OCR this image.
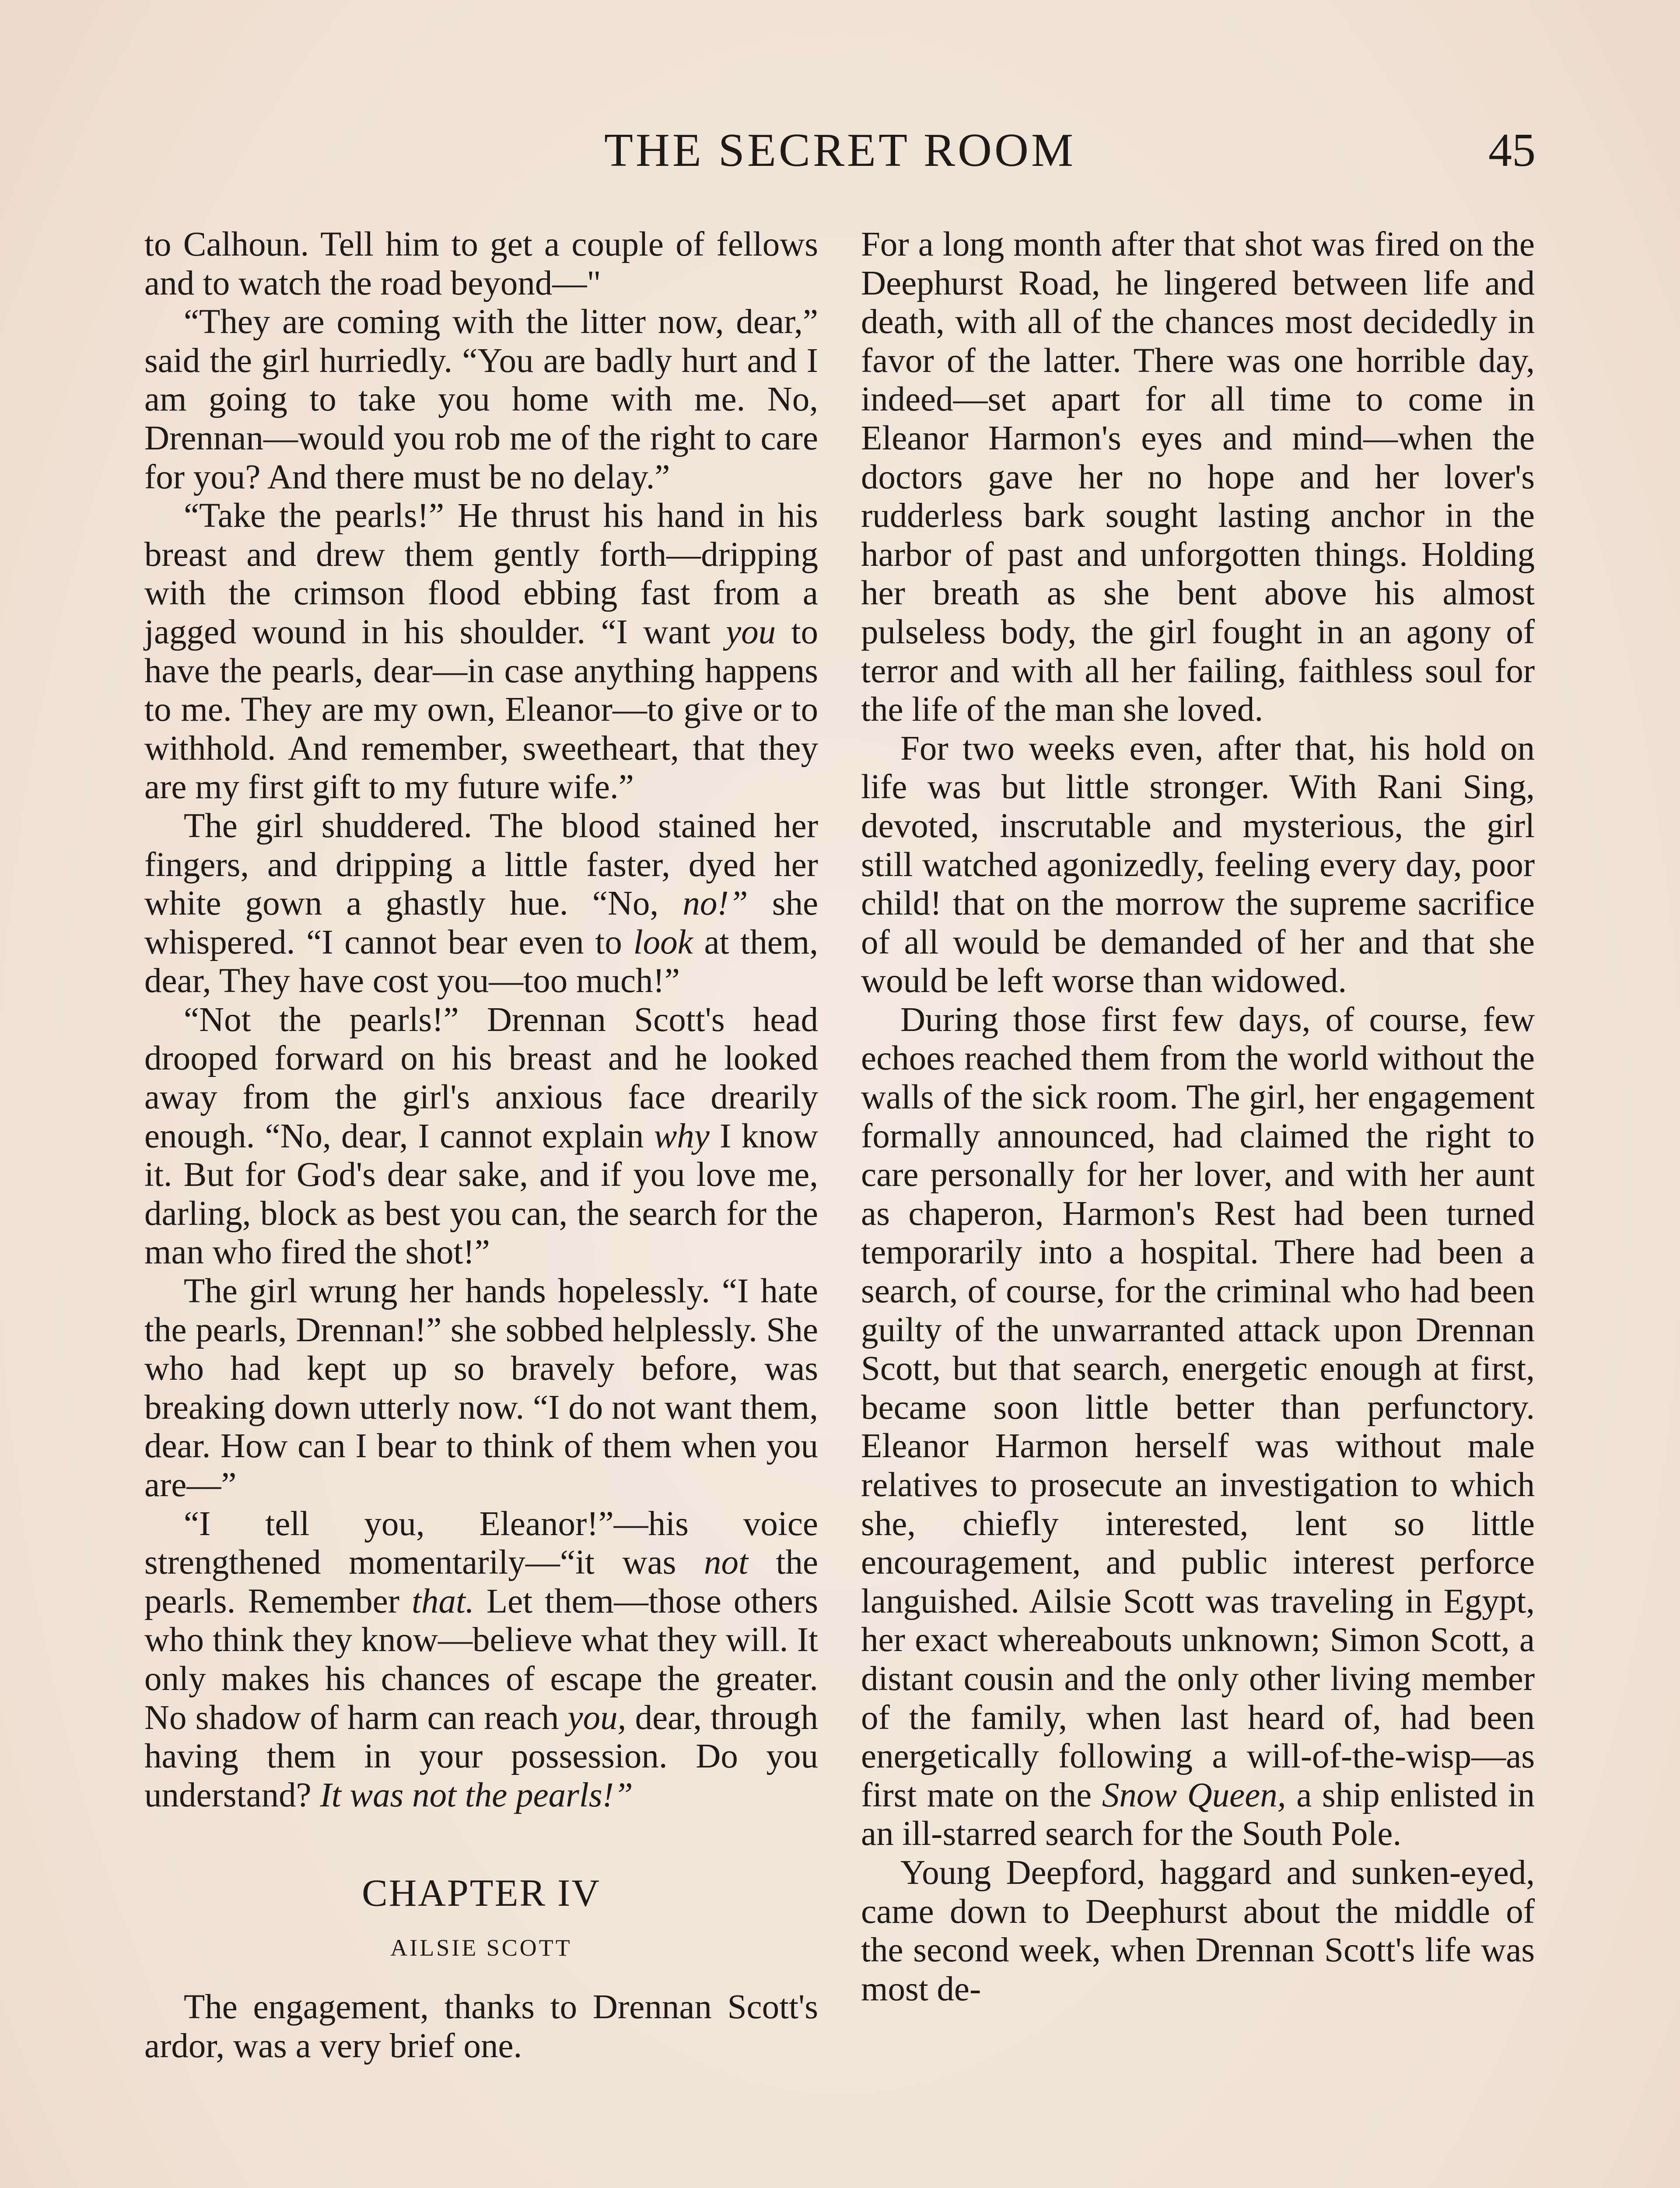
THE SECRET ROOM	45

to Calhoun. Tell him to get a couple of fellows and to watch the road beyond—"

“They are coming with the litter now, dear,” said the girl hurriedly. “You are badly hurt and I am going to take you home with me. No, Drennan—would you rob me of the right to care for you? And there must be no delay.”

“Take the pearls!” He thrust his hand in his breast and drew them gently forth—dripping with the crimson flood ebbing fast from a jagged wound in his shoulder. “I want you to have the pearls, dear—in case anything happens to me. They are my own, Eleanor—to give or to withhold. And remember, sweetheart, that they are my first gift to my future wife.”

The girl shuddered. The blood stained her fingers, and dripping a little faster, dyed her white gown a ghastly hue. “No, no!” she whispered. “I cannot bear even to look at them, dear, They have cost you—too much!”

“Not the pearls!” Drennan Scott's head drooped forward on his breast and he looked away from the girl's anxious face drearily enough. “No, dear, I cannot explain why I know it. But for God's dear sake, and if you love me, darling, block as best you can, the search for the man who fired the shot!”

The girl wrung her hands hopelessly. “I hate the pearls, Drennan!” she sobbed helplessly. She who had kept up so bravely before, was breaking down utterly now. “I do not want them, dear. How can I bear to think of them when you are—”

“I tell you, Eleanor!”—his voice strengthened momentarily—“it was not the pearls. Remember that. Let them—those others who think they know—believe what they will. It only makes his chances of escape the greater. No shadow of harm can reach you, dear, through having them in your possession. Do you understand? It was not the pearls!”

CHAPTER IV
AILSIE SCOTT

The engagement, thanks to Drennan Scott's ardor, was a very brief one.

For a long month after that shot was fired on the Deephurst Road, he lingered between life and death, with all of the chances most decidedly in favor of the latter. There was one horrible day, indeed—set apart for all time to come in Eleanor Harmon's eyes and mind—when the doctors gave her no hope and her lover's rudderless bark sought lasting anchor in the harbor of past and unforgotten things. Holding her breath as she bent above his almost pulseless body, the girl fought in an agony of terror and with all her failing, faithless soul for the life of the man she loved.

For two weeks even, after that, his hold on life was but little stronger. With Rani Sing, devoted, inscrutable and mysterious, the girl still watched agonizedly, feeling every day, poor child! that on the morrow the supreme sacrifice of all would be demanded of her and that she would be left worse than widowed.

During those first few days, of course, few echoes reached them from the world without the walls of the sick room. The girl, her engagement formally announced, had claimed the right to care personally for her lover, and with her aunt as chaperon, Harmon's Rest had been turned temporarily into a hospital. There had been a search, of course, for the criminal who had been guilty of the unwarranted attack upon Drennan Scott, but that search, energetic enough at first, became soon little better than perfunctory. Eleanor Harmon herself was without male relatives to prosecute an investigation to which she, chiefly interested, lent so little encouragement, and public interest perforce languished. Ailsie Scott was traveling in Egypt, her exact whereabouts unknown; Simon Scott, a distant cousin and the only other living member of the family, when last heard of, had been energetically following a will-of-the-wisp—as first mate on the Snow Queen, a ship enlisted in an ill-starred search for the South Pole.

Young Deepford, haggard and sunken-eyed, came down to Deephurst about the middle of the second week, when Drennan Scott's life was most de-
